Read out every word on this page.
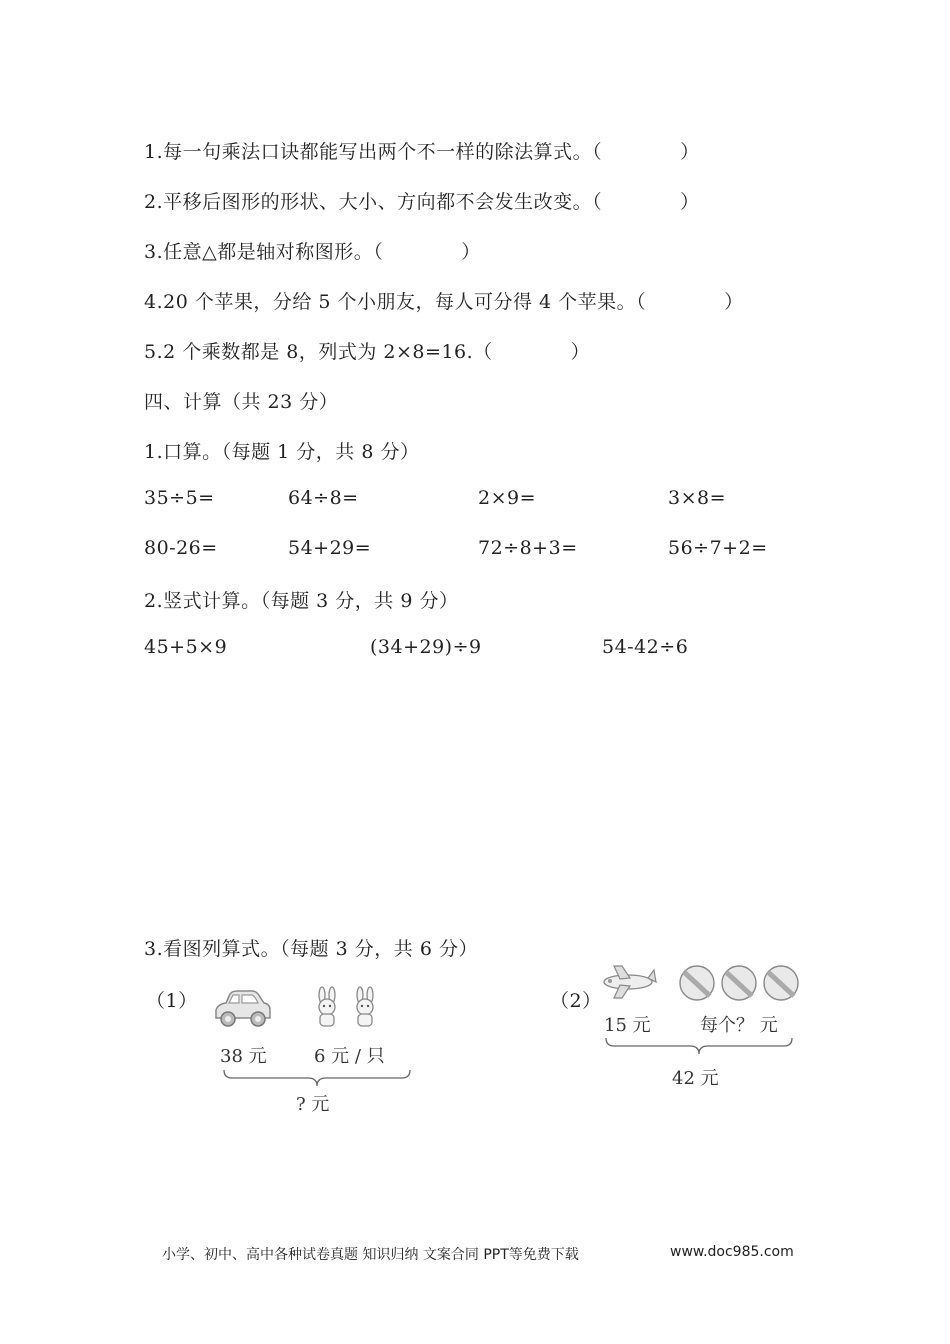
1.每一句乘法口诀都能写出两个不一样的除法算式。（　　　　）
2.平移后图形的形状、大小、方向都不会发生改变。（　　　　）
3.任意△都是轴对称图形。（　　　　）
4.20 个苹果，分给 5 个小朋友，每人可分得 4 个苹果。（　　　　）
5.2 个乘数都是 8，列式为 2×8=16.（　　　　）
四、计算（共 23 分）
1.口算。（每题 1 分，共 8 分）
35÷5=	64÷8=	2×9=	3×8=
80-26=	54+29=	72÷8+3=	56÷7+2=
2.竖式计算。（每题 3 分，共 9 分）
45+5×9	(34+29)÷9	54-42÷6
3.看图列算式。（每题 3 分，共 6 分）
（1）
38 元	6 元 / 只
? 元
（2）
15 元	每个？ 元
42 元
小学、初中、高中各种试卷真题 知识归纳 文案合同 PPT等免费下载	www.doc985.com
